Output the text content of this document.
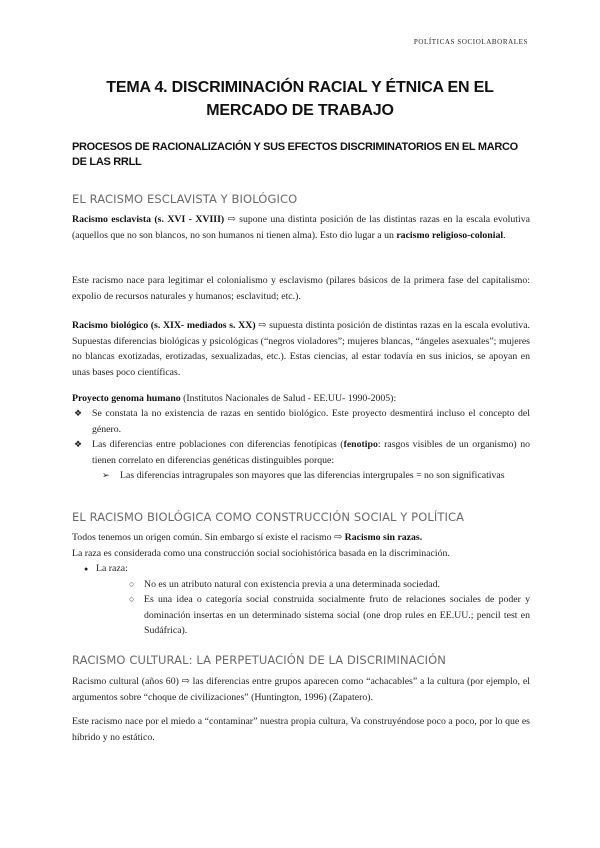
POLÍTICAS SOCIOLABORALES
TEMA 4. DISCRIMINACIÓN RACIAL Y ÉTNICA EN EL
MERCADO DE TRABAJO
PROCESOS DE RACIONALIZACIÓN Y SUS EFECTOS DISCRIMINATORIOS EN EL MARCO DE LAS RRLL
EL RACISMO ESCLAVISTA Y BIOLÓGICO
Racismo esclavista (s. XVI - XVIII) ⇨ supone una distinta posición de las distintas razas en la escala evolutiva (aquellos que no son blancos, no son humanos ni tienen alma). Esto dio lugar a un racismo religioso-colonial.
Este racismo nace para legitimar el colonialismo y esclavismo (pilares básicos de la primera fase del capitalismo: expolio de recursos naturales y humanos; esclavitud; etc.).
Racismo biológico (s. XIX- mediados s. XX) ⇨ supuesta distinta posición de distintas razas en la escala evolutiva. Supuestas diferencias biológicas y psicológicas (“negros violadores”; mujeres blancas, “ángeles asexuales”; mujeres no blancas exotizadas, erotizadas, sexualizadas, etc.). Estas ciencias, al estar todavía en sus inicios, se apoyan en unas bases poco científicas.
Proyecto genoma humano (Institutos Nacionales de Salud - EE.UU- 1990-2005):
❖ Se constata la no existencia de razas en sentido biológico. Este proyecto desmentirá incluso el concepto del género.
❖ Las diferencias entre poblaciones con diferencias fenotípicas (fenotipo: rasgos visibles de un organismo) no tienen correlato en diferencias genéticas distinguibles porque:
➢ Las diferencias intragrupales son mayores que las diferencias intergrupales = no son significativas
EL RACISMO BIOLÓGICA COMO CONSTRUCCIÓN SOCIAL Y POLÍTICA
Todos tenemos un origen común. Sin embargo sí existe el racismo ⇨ Racismo sin razas.
La raza es considerada como una construcción social sociohistórica basada en la discriminación.
● La raza:
○ No es un atributo natural con existencia previa a una determinada sociedad.
○ Es una idea o categoría social construida socialmente fruto de relaciones sociales de poder y dominación insertas en un determinado sistema social (one drop rules en EE.UU.; pencil test en Sudáfrica).
RACISMO CULTURAL: LA PERPETUACIÓN DE LA DISCRIMINACIÓN
Racismo cultural (años 60) ⇨ las diferencias entre grupos aparecen como “achacables” a la cultura (por ejemplo, el argumentos sobre “choque de civilizaciones” (Huntington, 1996) (Zapatero).
Este racismo nace por el miedo a “contaminar” nuestra propia cultura, Va construyéndose poco a poco, por lo que es híbrido y no estático.
